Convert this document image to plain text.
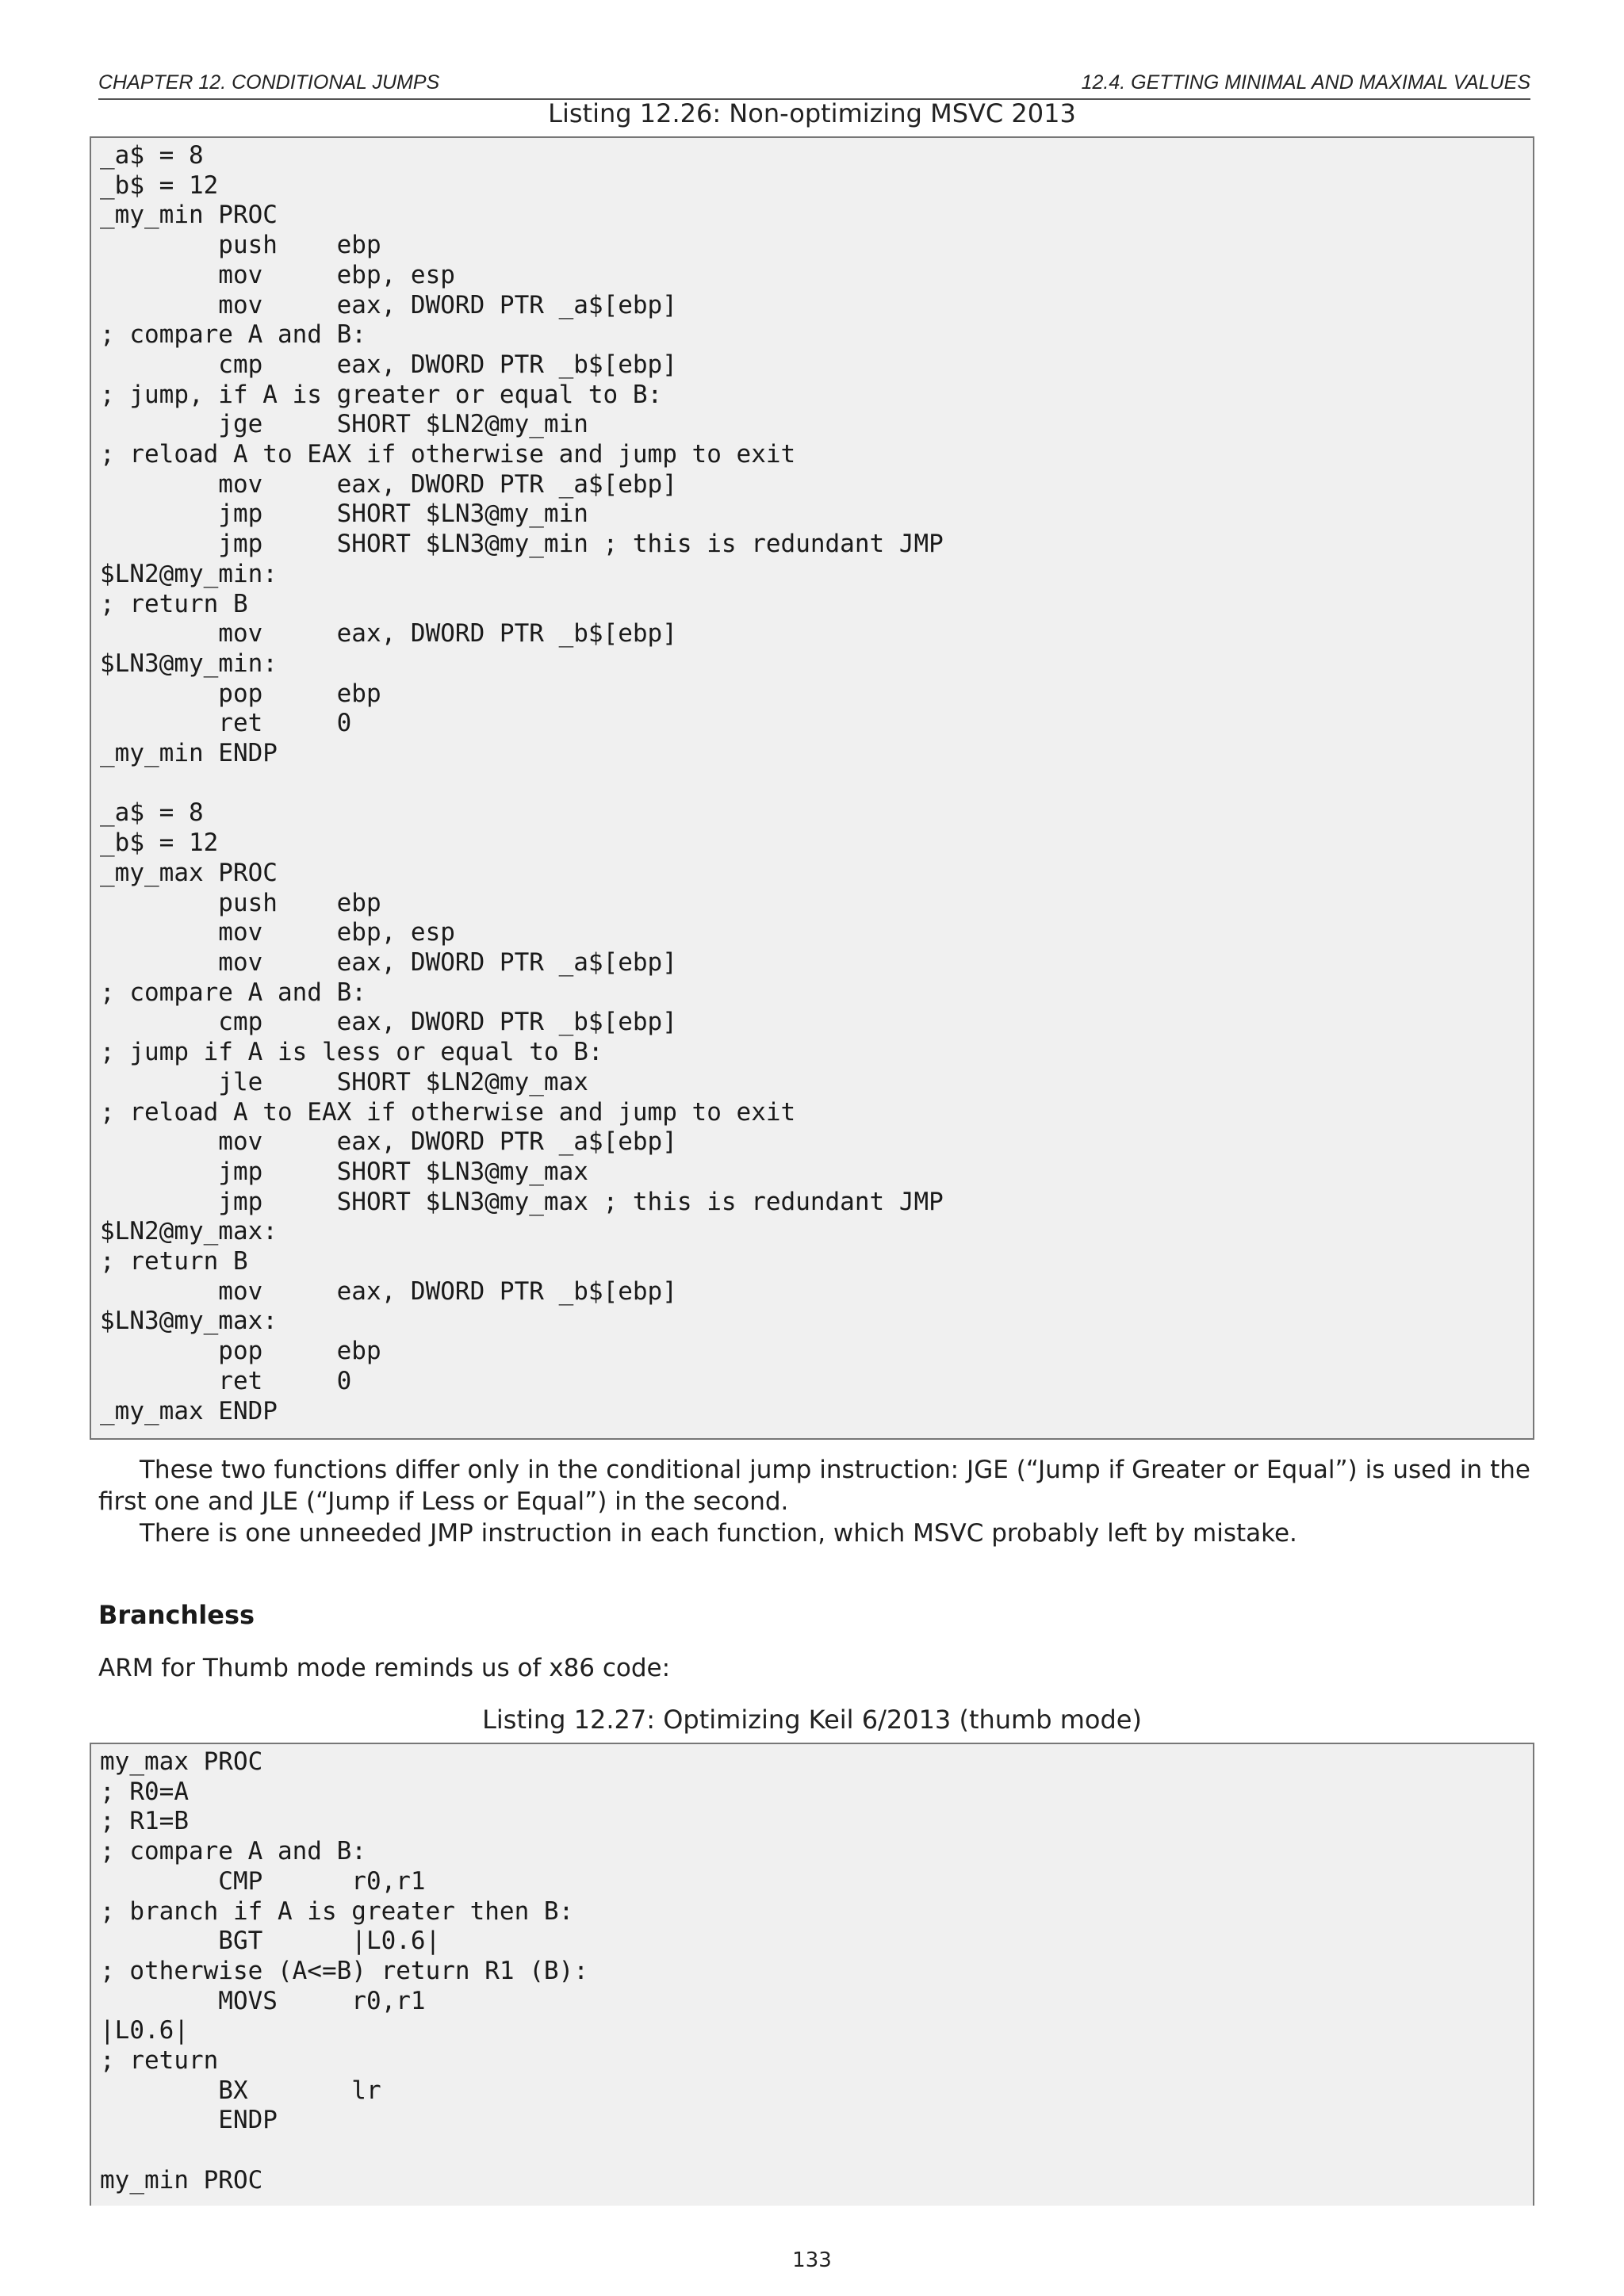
CHAPTER 12. CONDITIONAL JUMPS	12.4. GETTING MINIMAL AND MAXIMAL VALUES
Listing 12.26: Non-optimizing MSVC 2013
_a$ = 8
_b$ = 12
_my_min PROC
push    ebp
mov     ebp, esp
mov     eax, DWORD PTR _a$[ebp]
; compare A and B:
cmp     eax, DWORD PTR _b$[ebp]
; jump, if A is greater or equal to B:
jge     SHORT $LN2@my_min
; reload A to EAX if otherwise and jump to exit
mov     eax, DWORD PTR _a$[ebp]
jmp     SHORT $LN3@my_min
jmp     SHORT $LN3@my_min ; this is redundant JMP
$LN2@my_min:
; return B
mov     eax, DWORD PTR _b$[ebp]
$LN3@my_min:
pop     ebp
ret     0
_my_min ENDP

_a$ = 8
_b$ = 12
_my_max PROC
push    ebp
mov     ebp, esp
mov     eax, DWORD PTR _a$[ebp]
; compare A and B:
cmp     eax, DWORD PTR _b$[ebp]
; jump if A is less or equal to B:
jle     SHORT $LN2@my_max
; reload A to EAX if otherwise and jump to exit
mov     eax, DWORD PTR _a$[ebp]
jmp     SHORT $LN3@my_max
jmp     SHORT $LN3@my_max ; this is redundant JMP
$LN2@my_max:
; return B
mov     eax, DWORD PTR _b$[ebp]
$LN3@my_max:
pop     ebp
ret     0
_my_max ENDP
These two functions differ only in the conditional jump instruction: JGE (“Jump if Greater or Equal”) is used in the first one and JLE (“Jump if Less or Equal”) in the second.
There is one unneeded JMP instruction in each function, which MSVC probably left by mistake.
Branchless
ARM for Thumb mode reminds us of x86 code:
Listing 12.27: Optimizing Keil 6/2013 (thumb mode)
my_max PROC
; R0=A
; R1=B
; compare A and B:
CMP      r0,r1
; branch if A is greater then B:
BGT      |L0.6|
; otherwise (A<=B) return R1 (B):
MOVS     r0,r1
|L0.6|
; return
BX       lr
ENDP

my_min PROC
133
